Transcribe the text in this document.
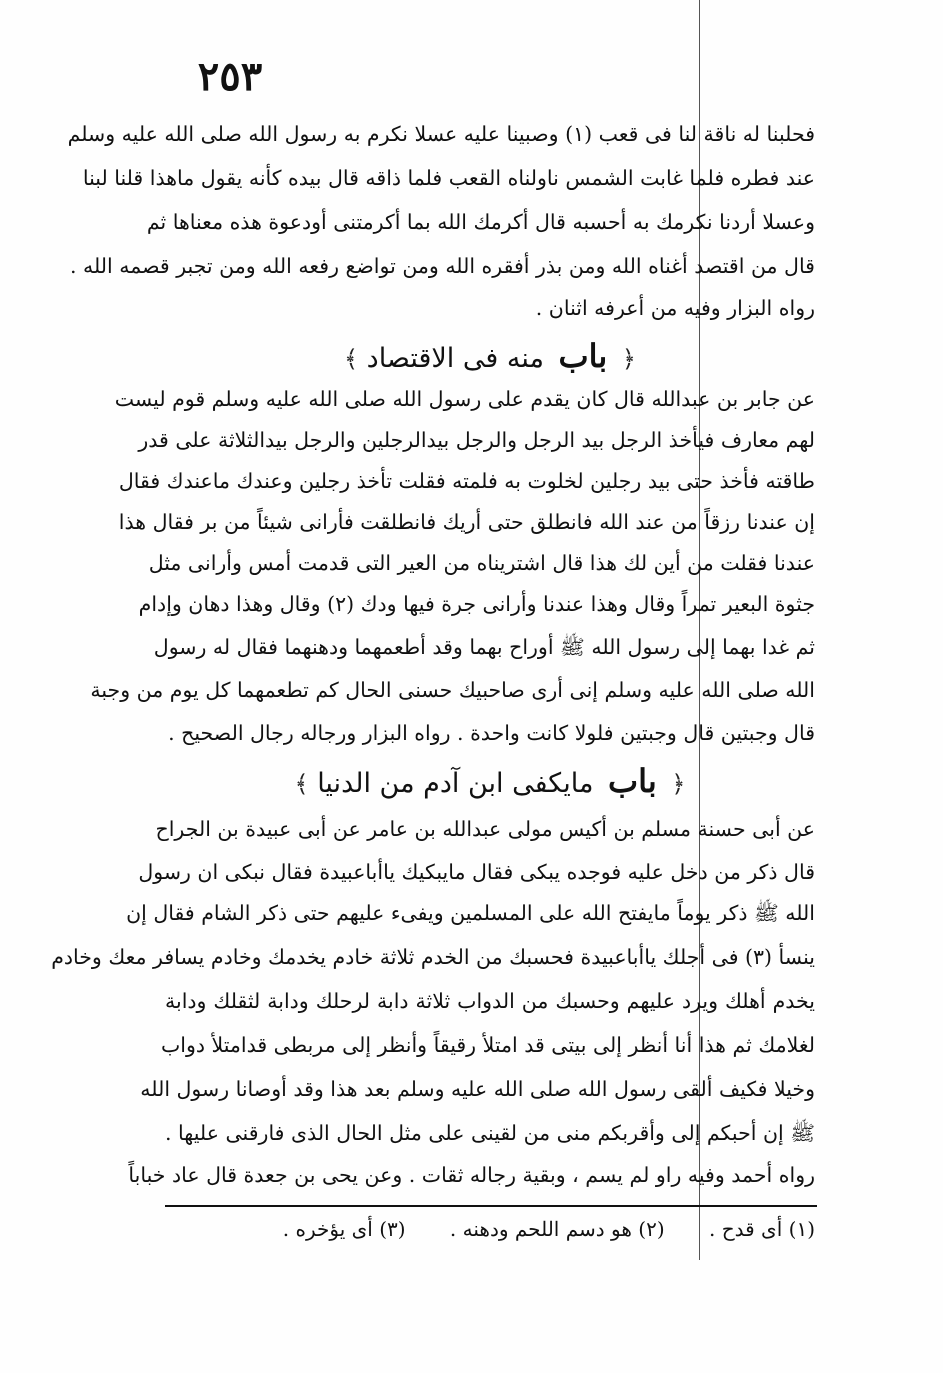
٢٥٣
فحلبنا له ناقة لنا فى قعب (١) وصبينا عليه عسلا نكرم به رسول الله صلى الله عليه وسلم
عند فطره فلما غابت الشمس ناولناه القعب فلما ذاقه قال بيده كأنه يقول ماهذا قلنا لبنا
وعسلا أردنا نكرمك به أحسبه قال أكرمك الله بما أكرمتنى أودعوة هذه معناها ثم
قال من اقتصد أغناه الله ومن بذر أفقره الله ومن تواضع رفعه الله ومن تجبر قصمه الله .
رواه البزار وفيه من أعرفه اثنان .
﴿ باب منه فى الاقتصاد ﴾
عن جابر بن عبدالله قال كان يقدم على رسول الله صلى الله عليه وسلم قوم ليست
لهم معارف فيأخذ الرجل بيد الرجل والرجل بيدالرجلين والرجل بيدالثلاثة على قدر
طاقته فأخذ حتى بيد رجلين لخلوت به فلمته فقلت تأخذ رجلين وعندك ماعندك فقال
إن عندنا رزقاً من عند الله فانطلق حتى أريك فانطلقت فأرانى شيئاً من بر فقال هذا
عندنا فقلت من أين لك هذا قال اشتريناه من العير التى قدمت أمس وأرانى مثل
جثوة البعير تمراً وقال وهذا عندنا وأرانى جرة فيها ودك (٢) وقال وهذا دهان وإدام
ثم غدا بهما إلى رسول الله ﷺ أوراح بهما وقد أطعمهما ودهنهما فقال له رسول
الله صلى الله عليه وسلم إنى أرى صاحبيك حسنى الحال كم تطعمهما كل يوم من وجبة
قال وجبتين قال وجبتين فلولا كانت واحدة . رواه البزار ورجاله رجال الصحيح .
﴿ باب مايكفى ابن آدم من الدنيا ﴾
عن أبى حسنة مسلم بن أكيس مولى عبدالله بن عامر عن أبى عبيدة بن الجراح
قال ذكر من دخل عليه فوجده يبكى فقال مايبكيك ياأباعبيدة فقال نبكى ان رسول
الله ﷺ ذكر يوماً مايفتح الله على المسلمين ويفىء عليهم حتى ذكر الشام فقال إن
ينسأ (٣) فى أجلك ياأباعبيدة فحسبك من الخدم ثلاثة خادم يخدمك وخادم يسافر معك وخادم
يخدم أهلك ويرد عليهم وحسبك من الدواب ثلاثة دابة لرحلك ودابة لثقلك ودابة
لغلامك ثم هذا أنا أنظر إلى بيتى قد امتلأ رقيقاً وأنظر إلى مربطى قدامتلأ دواب
وخيلا فكيف ألقى رسول الله صلى الله عليه وسلم بعد هذا وقد أوصانا رسول الله
ﷺ إن أحبكم إلى وأقربكم منى من لقينى على مثل الحال الذى فارقنى عليها .
رواه أحمد وفيه راو لم يسم ، وبقية رجاله ثقات . وعن يحى بن جعدة قال عاد خباباً
(١) أى قدح . (٢) هو دسم اللحم ودهنه . (٣) أى يؤخره .
